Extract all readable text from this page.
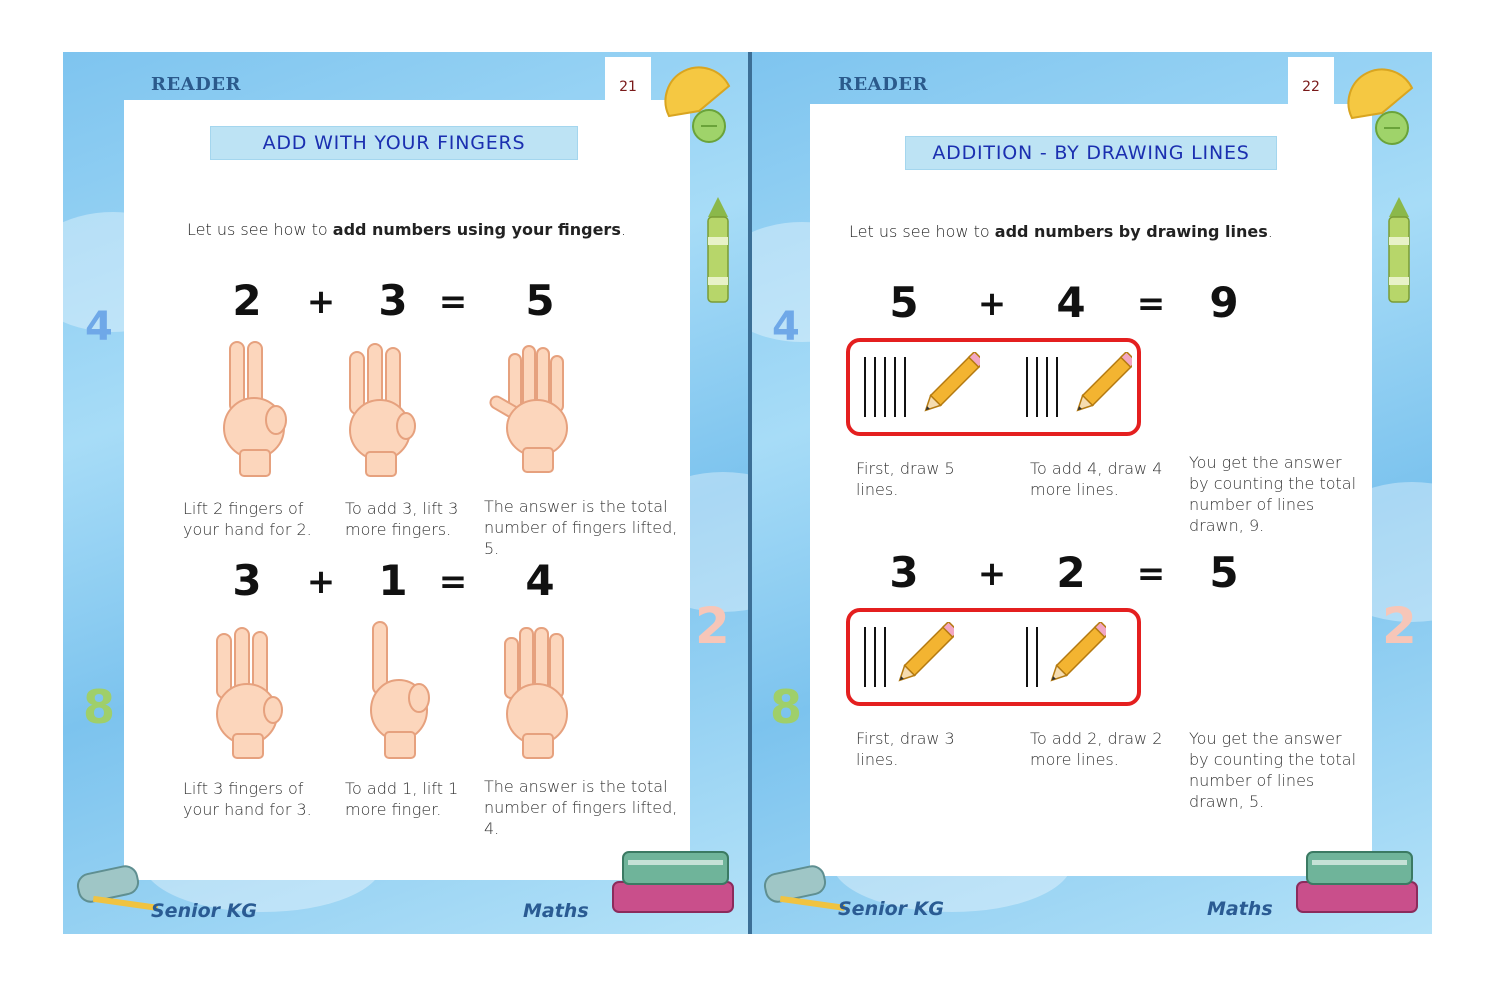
READER	21
4
2
8
ADD WITH YOUR FINGERS
Let us see how to add numbers using your fingers.
2 + 3 = 5
Lift 2 fingers of your hand for 2.
To add 3, lift 3 more fingers.
The answer is the total number of fingers lifted, 5.
3 + 1 = 4
Lift 3 fingers of your hand for 3.
To add 1, lift 1 more finger.
The answer is the total number of fingers lifted, 4.
Senior KG	Maths
READER	22
4
2
8
ADDITION - BY DRAWING LINES
Let us see how to add numbers by drawing lines.
5 + 4 = 9
First, draw 5 lines.
To add 4, draw 4 more lines.
You get the answer by counting the total number of lines drawn, 9.
3 + 2 = 5
First, draw 3 lines.
To add 2, draw 2 more lines.
You get the answer by counting the total number of lines drawn, 5.
Senior KG	Maths
